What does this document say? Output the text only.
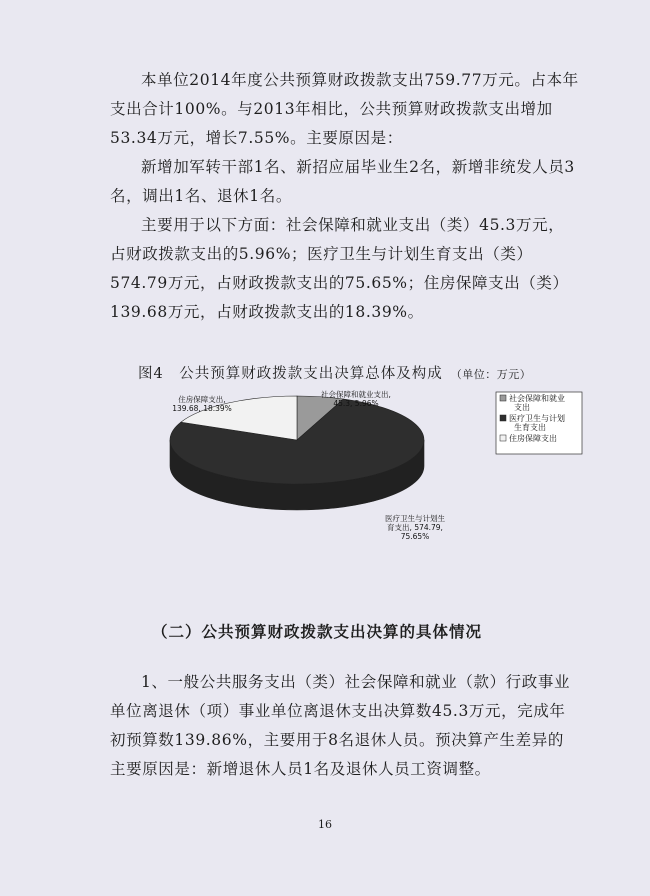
本单位2014年度公共预算财政拨款支出759.77万元。占本年支出合计100%。与2013年相比，公共预算财政拨款支出增加53.34万元，增长7.55%。主要原因是：

新增加军转干部1名、新招应届毕业生2名，新增非统发人员3名，调出1名、退休1名。

主要用于以下方面：社会保障和就业支出（类）45.3万元，占财政拨款支出的5.96%；医疗卫生与计划生育支出（类）574.79万元，占财政拨款支出的75.65%；住房保障支出（类）139.68万元，占财政拨款支出的18.39%。

图4　公共预算财政拨款支出决算总体及构成 （单位：万元）
社会保障和就业支出, 45.3, 5.96%
医疗卫生与计划生育支出, 574.79, 75.65%
住房保障支出, 139.68, 18.39%
社会保障和就业支出
医疗卫生与计划生育支出
住房保障支出
（二）公共预算财政拨款支出决算的具体情况

1、一般公共服务支出（类）社会保障和就业（款）行政事业单位离退休（项）事业单位离退休支出决算数45.3万元，完成年初预算数139.86%，主要用于8名退休人员。预决算产生差异的主要原因是：新增退休人员1名及退休人员工资调整。

16
